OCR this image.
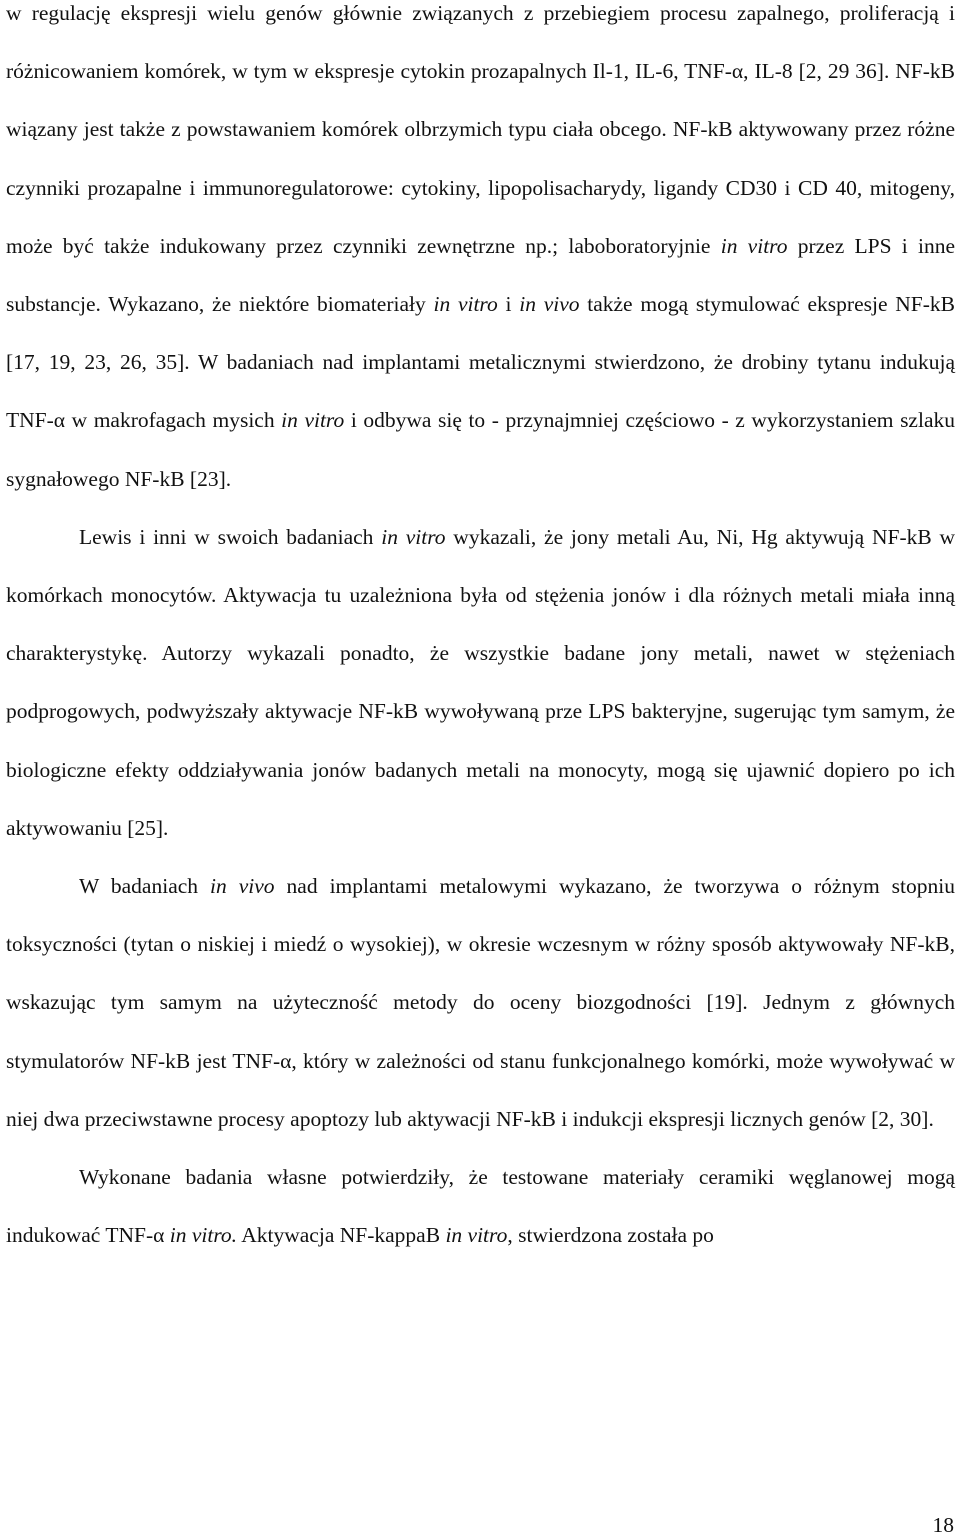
w regulację ekspresji wielu genów głównie związanych z przebiegiem procesu zapalnego, proliferacją i różnicowaniem komórek, w tym w ekspresje cytokin prozapalnych Il-1, IL-6, TNF-α, IL-8 [2, 29 36]. NF-kB wiązany jest także z powstawaniem komórek olbrzymich typu ciała obcego. NF-kB aktywowany przez różne czynniki prozapalne i immunoregulatorowe: cytokiny, lipopolisacharydy, ligandy CD30 i CD 40, mitogeny, może być także indukowany przez czynniki zewnętrzne np.; laboboratoryjnie in vitro przez LPS i inne substancje. Wykazano, że niektóre biomateriały in vitro i in vivo także mogą stymulować ekspresje NF-kB [17, 19, 23, 26, 35]. W badaniach nad implantami metalicznymi stwierdzono, że drobiny tytanu indukują TNF-α w makrofagach mysich in vitro i odbywa się to - przynajmniej częściowo - z wykorzystaniem szlaku sygnałowego NF-kB [23].

Lewis i inni w swoich badaniach in vitro wykazali, że jony metali Au, Ni, Hg aktywują NF-kB w komórkach monocytów. Aktywacja tu uzależniona była od stężenia jonów i dla różnych metali miała inną charakterystykę. Autorzy wykazali ponadto, że wszystkie badane jony metali, nawet w stężeniach podprogowych, podwyższały aktywacje NF-kB wywoływaną prze LPS bakteryjne, sugerując tym samym, że biologiczne efekty oddziaływania jonów badanych metali na monocyty, mogą się ujawnić dopiero po ich aktywowaniu [25].

W badaniach in vivo nad implantami metalowymi wykazano, że tworzywa o różnym stopniu toksyczności (tytan o niskiej i miedź o wysokiej), w okresie wczesnym w różny sposób aktywowały NF-kB, wskazując tym samym na użyteczność metody do oceny biozgodności [19]. Jednym z głównych stymulatorów NF-kB jest TNF-α, który w zależności od stanu funkcjonalnego komórki, może wywoływać w niej dwa przeciwstawne procesy apoptozy lub aktywacji NF-kB i indukcji ekspresji licznych genów [2, 30].

Wykonane badania własne potwierdziły, że testowane materiały ceramiki węglanowej mogą indukować TNF-α in vitro. Aktywacja NF-kappaB in vitro, stwierdzona została po

18
